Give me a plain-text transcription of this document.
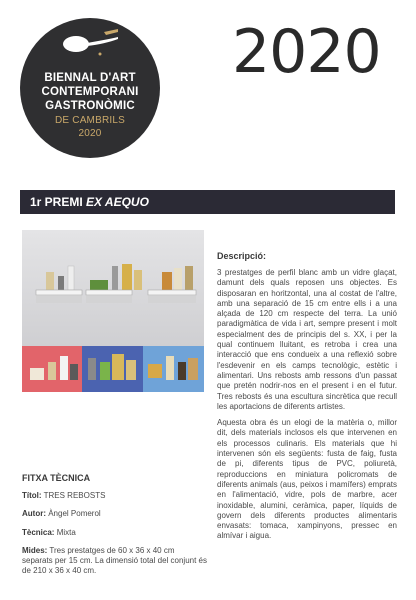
BIENNAL D'ART
CONTEMPORANI
GASTRONÒMIC
DE CAMBRILS
2020
2020
1r PREMI EX AEQUO
Descripció:

3 prestatges de perfil blanc amb un vidre glaçat, damunt dels quals reposen uns objectes. Es disposaran en horitzontal, una al costat de l'altre, amb una separació de 15 cm entre ells i a una alçada de 120 cm respecte del terra. La unió paradigmàtica de vida i art, sempre present i molt especialment des de principis del s. XX, i per la qual continuem lluitant, es retroba i crea una interacció que ens condueix a una reflexió sobre l'esdevenir en els camps tecnològic, estètic i alimentari. Uns rebosts amb ressons d'un passat que pretén nodrir-nos en el present i en el futur. Tres rebosts és una escultura sincrètica que recull les aportacions de diferents artistes.

Aquesta obra és un elogi de la matèria o, millor dit, dels materials inclosos els que intervenen en els processos culinaris. Els materials que hi intervenen són els següents: fusta de faig, fusta de pi, diferents tipus de PVC, poliuretà, reproduccions en miniatura policromats de diferents animals (aus, peixos i mamífers) emprats en l'alimentació, vidre, pols de marbre, acer inoxidable, alumini, ceràmica, paper, líquids de govern dels diferents productes alimentaris envasats: tomaca, xampinyons, pressec en almívar i aigua.

FITXA TÈCNICA
Títol: TRES REBOSTS
Autor: Àngel Pomerol
Tècnica: Mixta
Mides: Tres prestatges de 60 x 36 x 40 cm separats per 15 cm. La dimensió total del conjunt és de 210 x 36 x 40 cm.
